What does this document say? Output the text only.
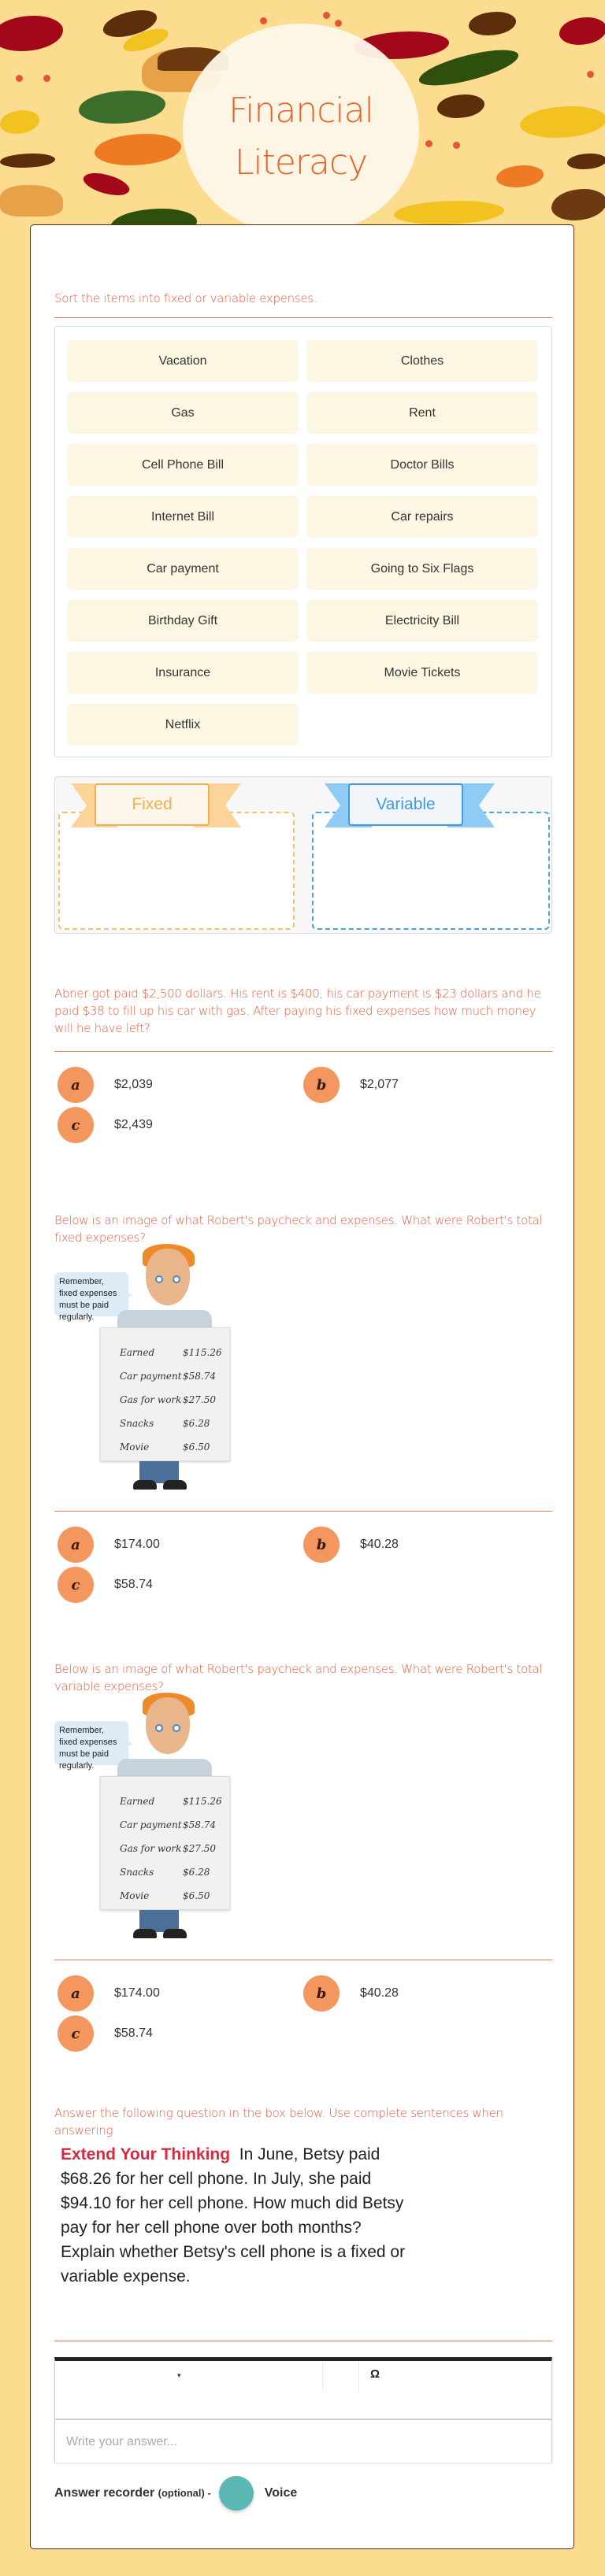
Financial
Literacy
Sort the items into fixed or variable expenses.
Vacation	Clothes
Gas	Rent
Cell Phone Bill	Doctor Bills
Internet Bill	Car repairs
Car payment	Going to Six Flags
Birthday Gift	Electricity Bill
Insurance	Movie Tickets
Netflix
Fixed	Variable
Abner got paid $2,500 dollars. His rent is $400, his car payment is $23 dollars and he paid $38 to fill up his car with gas. After paying his fixed expenses how much money will he have left?
a	$2,039	b	$2,077
c	$2,439
Below is an image of what Robert's paycheck and expenses. What were Robert's total fixed expenses?
Remember, fixed expenses must be paid regularly.
Earned	$115.26
Car payment $58.74
Gas for work $27.50
Snacks	$6.28
Movie	$6.50
a	$174.00	b	$40.28
c	$58.74
Below is an image of what Robert's paycheck and expenses. What were Robert's total variable expenses?
Remember, fixed expenses must be paid regularly.
Earned	$115.26
Car payment $58.74
Gas for work $27.50
Snacks	$6.28
Movie	$6.50
a	$174.00	b	$40.28
c	$58.74
Answer the following question in the box below. Use complete sentences when answering
Extend Your Thinking In June, Betsy paid $68.26 for her cell phone. In July, she paid $94.10 for her cell phone. How much did Betsy pay for her cell phone over both months? Explain whether Betsy's cell phone is a fixed or variable expense.
▾	Ω
Write your answer...
Answer recorder (optional) -	Voice
